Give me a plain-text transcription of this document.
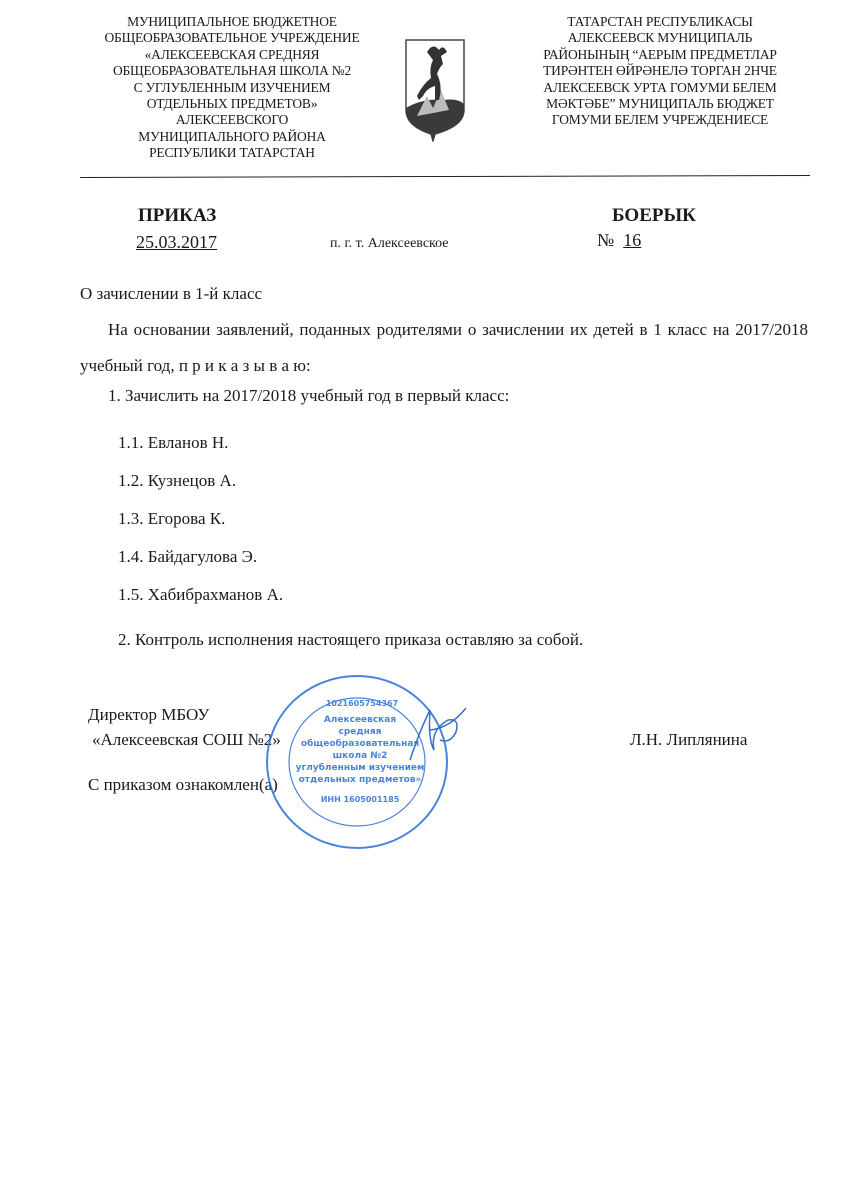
МУНИЦИПАЛЬНОЕ БЮДЖЕТНОЕ
ОБЩЕОБРАЗОВАТЕЛЬНОЕ УЧРЕЖДЕНИЕ
«АЛЕКСЕЕВСКАЯ СРЕДНЯЯ
ОБЩЕОБРАЗОВАТЕЛЬНАЯ ШКОЛА №2
С УГЛУБЛЕННЫМ ИЗУЧЕНИЕМ
ОТДЕЛЬНЫХ ПРЕДМЕТОВ»
АЛЕКСЕЕВСКОГО
МУНИЦИПАЛЬНОГО РАЙОНА
РЕСПУБЛИКИ ТАТАРСТАН
ТАТАРСТАН РЕСПУБЛИКАСЫ
АЛЕКСЕЕВСК МУНИЦИПАЛЬ
РАЙОНЫНЫҢ “АЕРЫМ ПРЕДМЕТЛАР
ТИРӘНТЕН ӨЙРӘНЕЛӘ ТОРГАН 2НЧЕ
АЛЕКСЕЕВСК УРТА ГОМУМИ БЕЛЕМ
МӘКТӘБЕ” МУНИЦИПАЛЬ БЮДЖЕТ
ГОМУМИ БЕЛЕМ УЧРЕЖДЕНИЕСЕ
ПРИКАЗ	БОЕРЫК
25.03.2017	п. г. т. Алексеевское	№ 16
О зачислении в 1-й класс
На основании заявлений, поданных родителями о зачислении их детей в 1 класс на 2017/2018 учебный год, п р и к а з ы в а ю:
1. Зачислить на 2017/2018 учебный год в первый класс:
1.1. Евланов Н.
1.2. Кузнецов А.
1.3. Егорова К.
1.4. Байдагулова Э.
1.5. Хабибрахманов А.
2. Контроль исполнения настоящего приказа оставляю за собой.
Директор МБОУ
«Алексеевская СОШ №2»	Л.Н. Липлянина
С приказом ознакомлен(а)
Алексеевская
средняя
общеобразовательная
школа №2
углубленным изучением
отдельных предметов»
1021605754367
ИНН 1605001185
